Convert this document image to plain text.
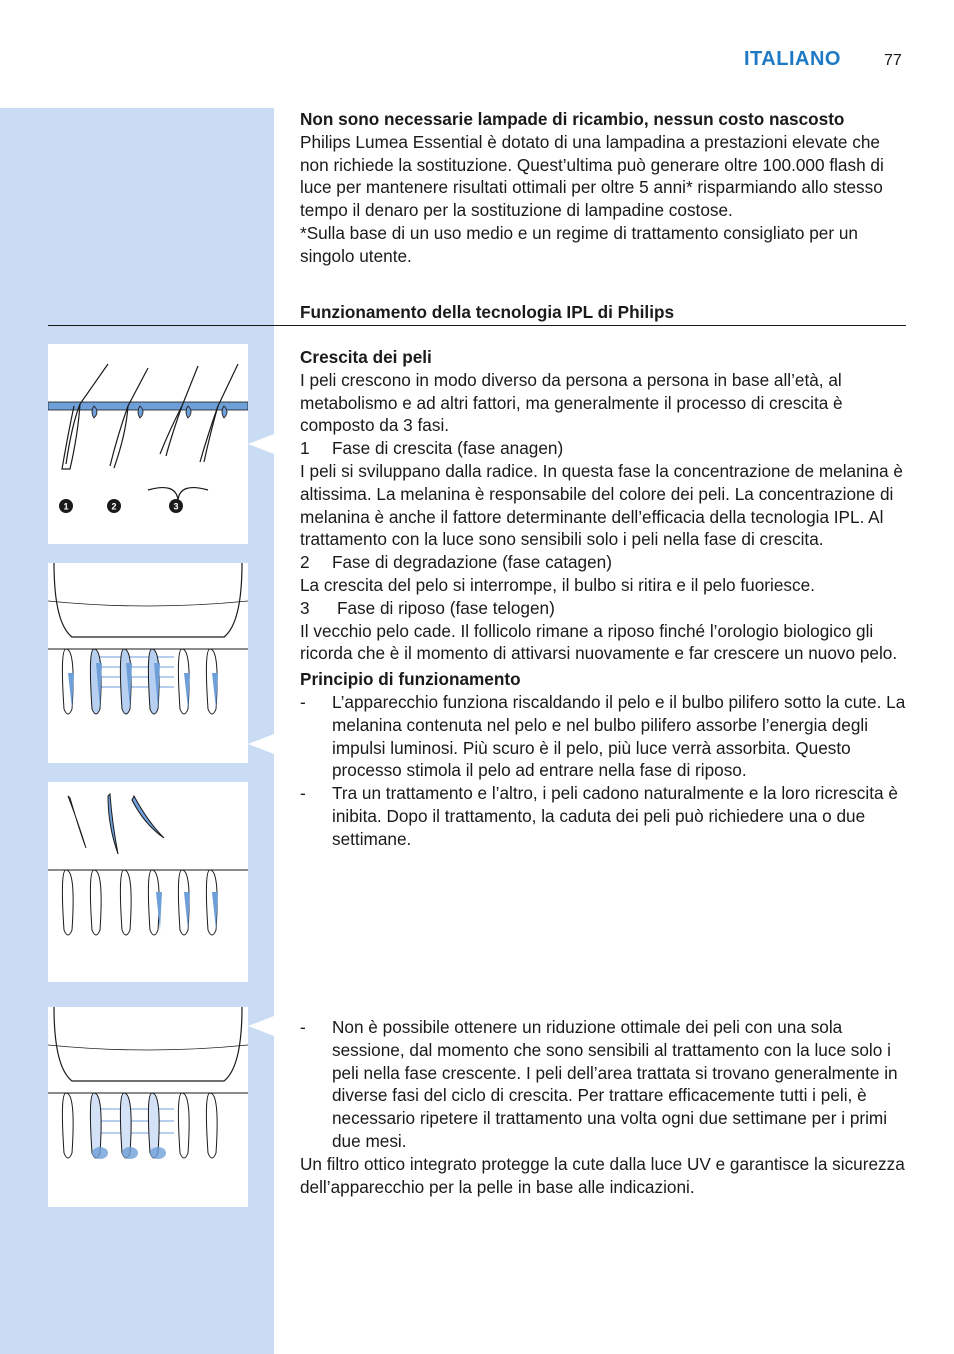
ITALIANO	77

Non sono necessarie lampade di ricambio, nessun costo nascosto

Philips Lumea Essential è dotato di una lampadina a prestazioni elevate che non richiede la sostituzione. Quest’ultima può generare oltre 100.000 flash di luce per mantenere risultati ottimali per oltre 5 anni* risparmiando allo stesso tempo il denaro per la sostituzione di lampadine costose.

*Sulla base di un uso medio e un regime di trattamento consigliato per un singolo utente.

Funzionamento della tecnologia IPL di Philips

Crescita dei peli

I peli crescono in modo diverso da persona a persona in base all’età, al metabolismo e ad altri fattori, ma generalmente il processo di crescita è composto da 3 fasi.

1	Fase di crescita (fase anagen)

I peli si sviluppano dalla radice. In questa fase la concentrazione de melanina è altissima. La melanina è responsabile del colore dei peli. La concentrazione di melanina è anche il fattore determinante dell’efficacia della tecnologia IPL. Al trattamento con la luce sono sensibili solo i peli nella fase di crescita.

2	Fase di degradazione (fase catagen)

La crescita del pelo si interrompe, il bulbo si ritira e il pelo fuoriesce.

3	Fase di riposo (fase telogen)

Il vecchio pelo cade. Il follicolo rimane a riposo finché l’orologio biologico gli ricorda che è il momento di attivarsi nuovamente e far crescere un nuovo pelo.

Principio di funzionamento

-	L’apparecchio funziona riscaldando il pelo e il bulbo pilifero sotto la cute. La melanina contenuta nel pelo e nel bulbo pilifero assorbe l’energia degli impulsi luminosi. Più scuro è il pelo, più luce verrà assorbita. Questo processo stimola il pelo ad entrare nella fase di riposo.
-	Tra un trattamento e l’altro, i peli cadono naturalmente e la loro ricrescita è inibita. Dopo il trattamento, la caduta dei peli può richiedere una o due settimane.
-	Non è possibile ottenere un riduzione ottimale dei peli con una sola sessione, dal momento che sono sensibili al trattamento con la luce solo i peli nella fase crescente. I peli dell’area trattata si trovano generalmente in diverse fasi del ciclo di crescita. Per trattare efficacemente tutti i peli, è necessario ripetere il trattamento una volta ogni due settimane per i primi due mesi.

Un filtro ottico integrato protegge la cute dalla luce UV e garantisce la sicurezza dell’apparecchio per la pelle in base alle indicazioni.

1	2	3
